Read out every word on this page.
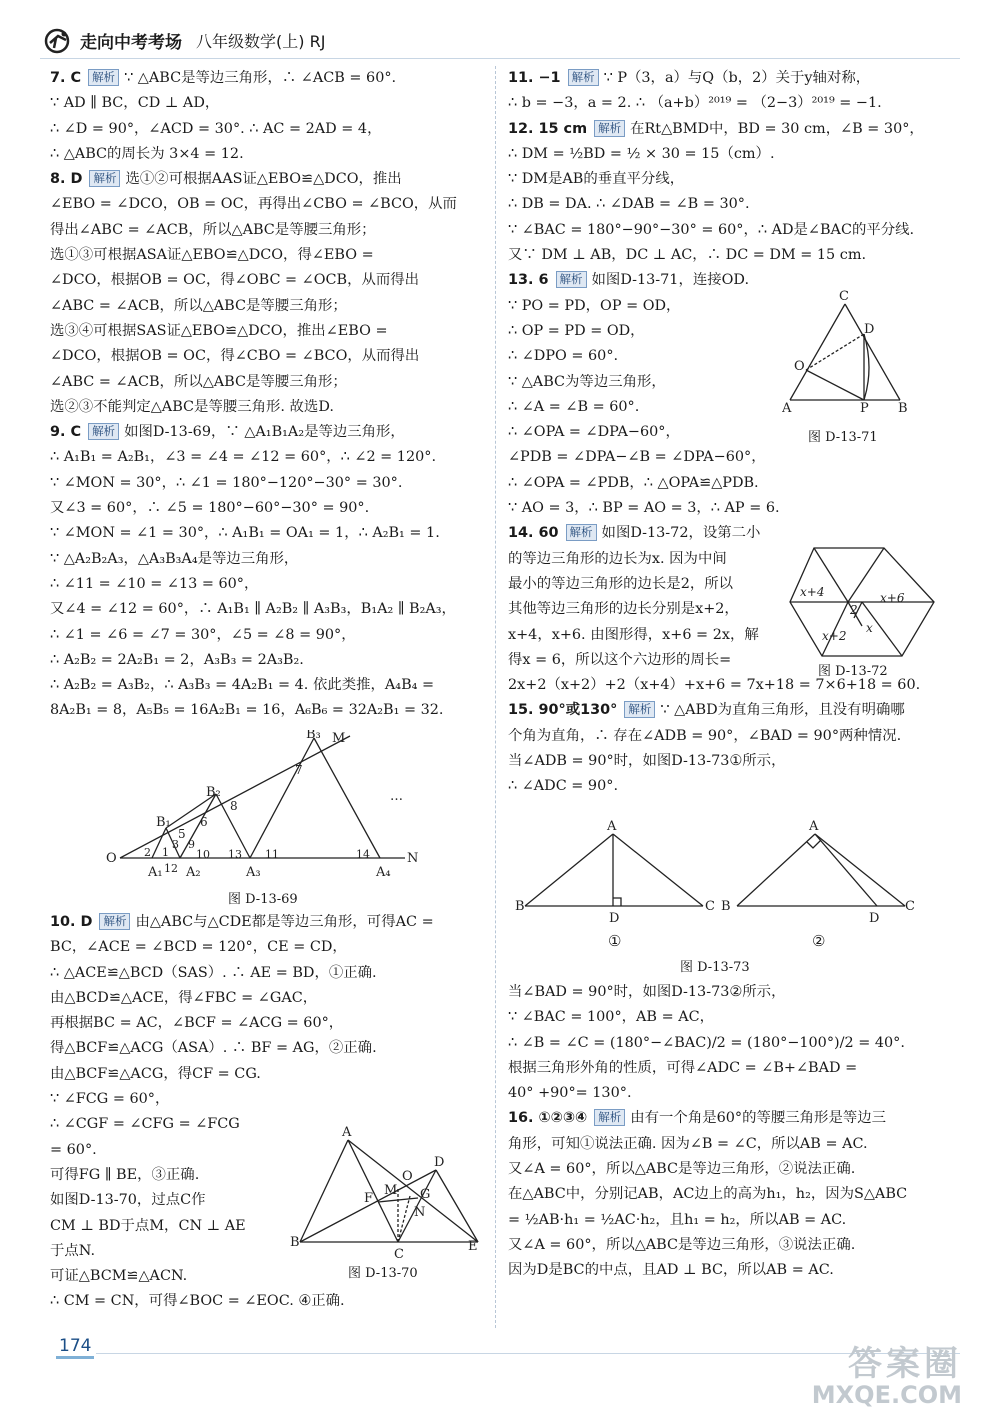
走向中考考场 八年级数学(上) RJ
7. C 解析 ∵ △ABC是等边三角形，∴ ∠ACB = 60°.
∵ AD ∥ BC，CD ⊥ AD，
∴ ∠D = 90°，∠ACD = 30°. ∴ AC = 2AD = 4，
∴ △ABC的周长为 3×4 = 12.
8. D 解析 选①②可根据AAS证△EBO≌△DCO，推出
∠EBO = ∠DCO，OB = OC，再得出∠CBO = ∠BCO，从而
得出∠ABC = ∠ACB，所以△ABC是等腰三角形；
选①③可根据ASA证△EBO≌△DCO，得∠EBO =
∠DCO，根据OB = OC，得∠OBC = ∠OCB，从而得出
∠ABC = ∠ACB，所以△ABC是等腰三角形；
选③④可根据SAS证△EBO≌△DCO，推出∠EBO =
∠DCO，根据OB = OC，得∠CBO = ∠BCO，从而得出
∠ABC = ∠ACB，所以△ABC是等腰三角形；
选②③不能判定△ABC是等腰三角形. 故选D.
9. C 解析 如图D-13-69，∵ △A₁B₁A₂是等边三角形，
∴ A₁B₁ = A₂B₁，∠3 = ∠4 = ∠12 = 60°，∴ ∠2 = 120°.
∵ ∠MON = 30°，∴ ∠1 = 180°−120°−30° = 30°.
又∠3 = 60°，∴ ∠5 = 180°−60°−30° = 90°.
∵ ∠MON = ∠1 = 30°，∴ A₁B₁ = OA₁ = 1，∴ A₂B₁ = 1.
∵ △A₂B₂A₃，△A₃B₃A₄是等边三角形，
∴ ∠11 = ∠10 = ∠13 = 60°，
又∠4 = ∠12 = 60°，∴ A₁B₁ ∥ A₂B₂ ∥ A₃B₃，B₁A₂ ∥ B₂A₃，
∴ ∠1 = ∠6 = ∠7 = 30°，∠5 = ∠8 = 90°，
∴ A₂B₂ = 2A₂B₁ = 2，A₃B₃ = 2A₃B₂.
∴ A₂B₂ = A₃B₂，∴ A₃B₃ = 4A₂B₁ = 4. 依此类推，A₄B₄ =
8A₂B₁ = 8，A₅B₅ = 16A₂B₁ = 16，A₆B₆ = 32A₂B₁ = 32.
10. D 解析 由△ABC与△CDE都是等边三角形，可得AC =
BC，∠ACE = ∠BCD = 120°，CE = CD，
∴ △ACE≌△BCD（SAS）. ∴ AE = BD，①正确.
由△BCD≌△ACE，得∠FBC = ∠GAC，
再根据BC = AC，∠BCF = ∠ACG = 60°，
得△BCF≌△ACG（ASA）. ∴ BF = AG，②正确.
由△BCF≌△ACG，得CF = CG.
∵ ∠FCG = 60°，
∴ ∠CGF = ∠CFG = ∠FCG
= 60°.
可得FG ∥ BE，③正确.
如图D-13-70，过点C作
CM ⊥ BD于点M，CN ⊥ AE
于点N.
可证△BCM≌△ACN.
∴ CM = CN，可得∠BOC = ∠EOC. ④正确.
11. −1 解析 ∵ P（3，a）与Q（b，2）关于y轴对称，
∴ b = −3，a = 2. ∴ （a+b）²⁰¹⁹ = （2−3）²⁰¹⁹ = −1.
12. 15 cm 解析 在Rt△BMD中，BD = 30 cm，∠B = 30°，
∴ DM = ½BD = ½ × 30 = 15（cm）.
∵ DM是AB的垂直平分线，
∴ DB = DA. ∴ ∠DAB = ∠B = 30°.
∵ ∠BAC = 180°−90°−30° = 60°，∴ AD是∠BAC的平分线.
又∵ DM ⊥ AB，DC ⊥ AC，∴ DC = DM = 15 cm.
13. 6 解析 如图D-13-71，连接OD.
∵ PO = PD，OP = OD，
∴ OP = PD = OD，
∴ ∠DPO = 60°.
∵ △ABC为等边三角形，
∴ ∠A = ∠B = 60°.
∴ ∠OPA = ∠DPA−60°，
∠PDB = ∠DPA−∠B = ∠DPA−60°，
∴ ∠OPA = ∠PDB，∴ △OPA≌△PDB.
∵ AO = 3，∴ BP = AO = 3，∴ AP = 6.
14. 60 解析 如图D-13-72，设第二小
的等边三角形的边长为x. 因为中间
最小的等边三角形的边长是2，所以
其他等边三角形的边长分别是x+2，
x+4，x+6. 由图形得，x+6 = 2x，解
得x = 6，所以这个六边形的周长=
2x+2（x+2）+2（x+4）+x+6 = 7x+18 = 7×6+18 = 60.
15. 90°或130° 解析 ∵ △ABD为直角三角形，且没有明确哪
个角为直角，∴ 存在∠ADB = 90°，∠BAD = 90°两种情况.
当∠ADB = 90°时，如图D-13-73①所示，
∴ ∠ADC = 90°.
当∠BAD = 90°时，如图D-13-73②所示，
∵ ∠BAC = 100°，AB = AC，
∴ ∠B = ∠C = (180°−∠BAC)/2 = (180°−100°)/2 = 40°.
根据三角形外角的性质，可得∠ADC = ∠B+∠BAD =
40° +90°= 130°.
16. ①②③④ 解析 由有一个角是60°的等腰三角形是等边三
角形，可知①说法正确. 因为∠B = ∠C，所以AB = AC.
又∠A = 60°，所以△ABC是等边三角形，②说法正确.
在△ABC中，分别记AB，AC边上的高为h₁，h₂，因为S△ABC
= ½AB·h₁ = ½AC·h₂，且h₁ = h₂，所以AB = AC.
又∠A = 60°，所以△ABC是等边三角形，③说法正确.
因为D是BC的中点，且AD ⊥ BC，所以AB = AC.
O
A₁ A₂	A₃	A₄
N
B₁
B₂
B₃ M
7
8
6
5
2 1
3 9
10 13 11	14
12
…
图 D-13-69
A
B
C
D
E
F
O
M G
N
图 D-13-70
C
A	B
D
O
P
图 D-13-71
x+4	x+6
x+2
x
2
图 D-13-72
A
B
D
C
A
B
D
C
①	②
图 D-13-73
174	答案圈
MXQE.COM
